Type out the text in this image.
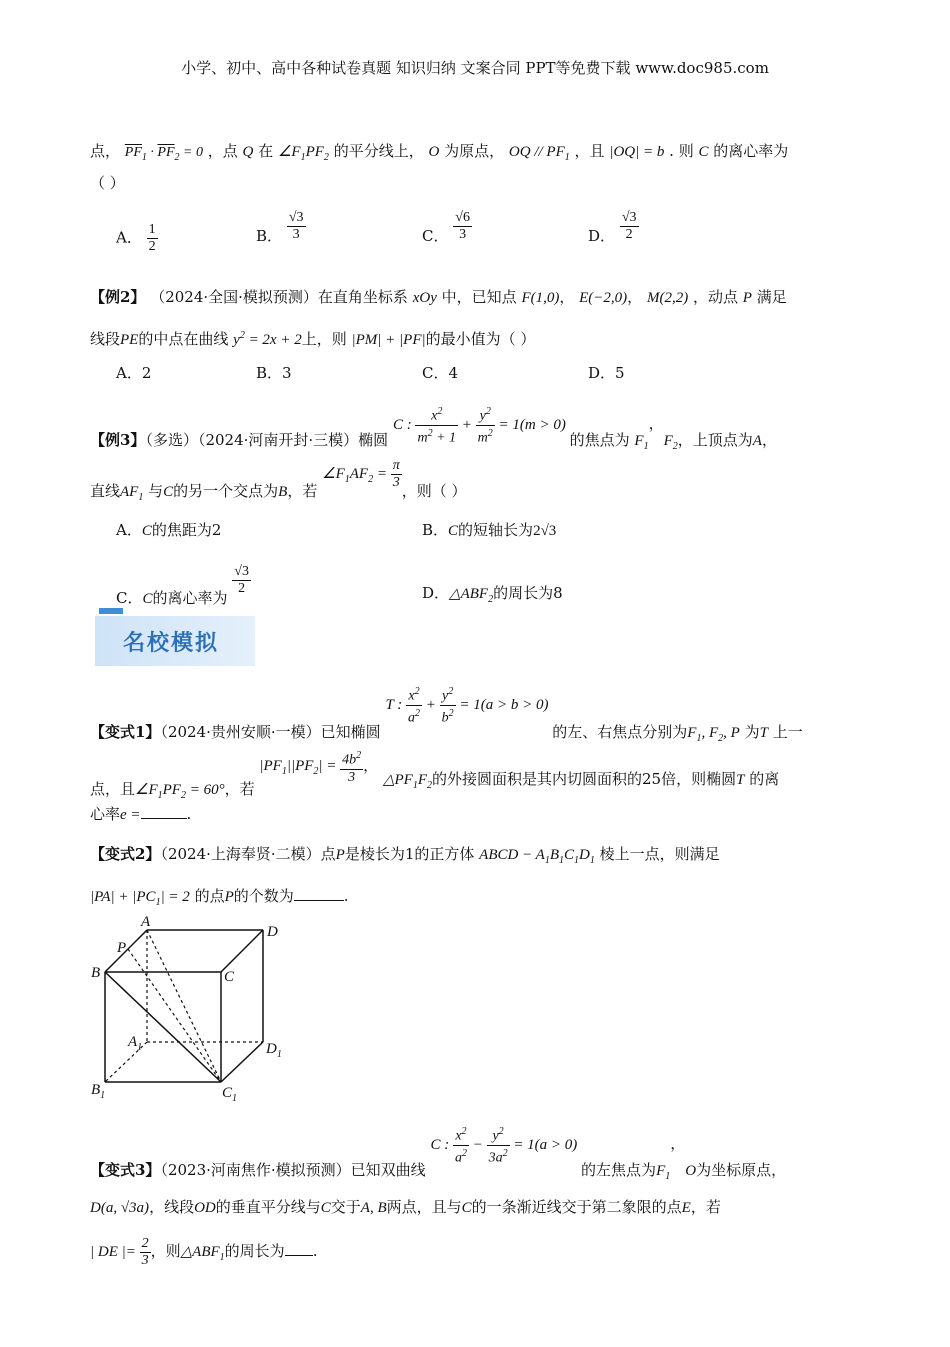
小学、初中、高中各种试卷真题 知识归纳 文案合同 PPT等免费下载 www.doc985.com
点， $\overline{PF}_1 \cdot \overline{PF}_2 = 0$ ，点 Q 在 $\angle F_1PF_2$ 的平分线上， O 为原点， OQ // $PF_1$ ，且 |OQ| = b . 则 C 的离心率为
（ ）
A． $\frac{1}{2}$	B． $\frac{√3}{3}$	C． $\frac{√6}{3}$	D． $\frac{√3}{2}$
【例2】 （2024·全国·模拟预测）在直角坐标系 xOy 中，已知点 F(1,0)， E(−2,0)， M(2,2) ，动点 P 满足
线段PE的中点在曲线 $y^2 = 2x + 2$上，则 |PM| + |PF|的最小值为（ ）
A．2	B．3	C．4	D．5
【例3】（多选）（2024·河南开封·三模）椭圆 C : $\frac{x^2}{m^2 + 1} + \frac{y^2}{m^2} = 1(m > 0)$ 的焦点为 $F_1$，$F_2$，上顶点为A，
直线$AF_1$ 与C的另一个交点为B，若 $\angle F_1AF_2 = \frac{\pi}{3}$ ，则（ ）
A．C的焦距为2	B．C的短轴长为2√3
C．C的离心率为
$\frac{√3}{2}$	D．$\triangle ABF_2$的周长为8
名校模拟
【变式1】（2024·贵州安顺·一模）已知椭圆 T : $\frac{x^2}{a^2} + \frac{y^2}{b^2} = 1(a > b > 0)$ 的左、右焦点分别为$F_1$, $F_2$, P 为T 上一
点，且$\angle F_1PF_2 = 60^\circ$，若 $|PF_1||PF_2| = \frac{4b^2}{3}$ ， $\triangle PF_1F_2$的外接圆面积是其内切圆面积的25倍，则椭圆T 的离
心率e =	.
【变式2】（2024·上海奉贤·二模）点P是棱长为1的正方体 ABCD − $A_1B_1C_1D_1$ 棱上一点，则满足
$|PA| + |PC_1| = 2$ 的点P的个数为	.
A
D
P
B	C
$A_1$	$D_1$
$B_1$	$C_1$
【变式3】（2023·河南焦作·模拟预测）已知双曲线 C : $\frac{x^2}{a^2} - \frac{y^2}{3a^2} = 1(a > 0)$ 的左焦点为$F_1$，O为坐标原点，
D(a, √3a)，线段OD的垂直平分线与C交于A, B两点，且与C的一条渐近线交于第二象限的点E，若
| DE |= $\frac{2}{3}$ ，则$\triangle ABF_1$的周长为 .
